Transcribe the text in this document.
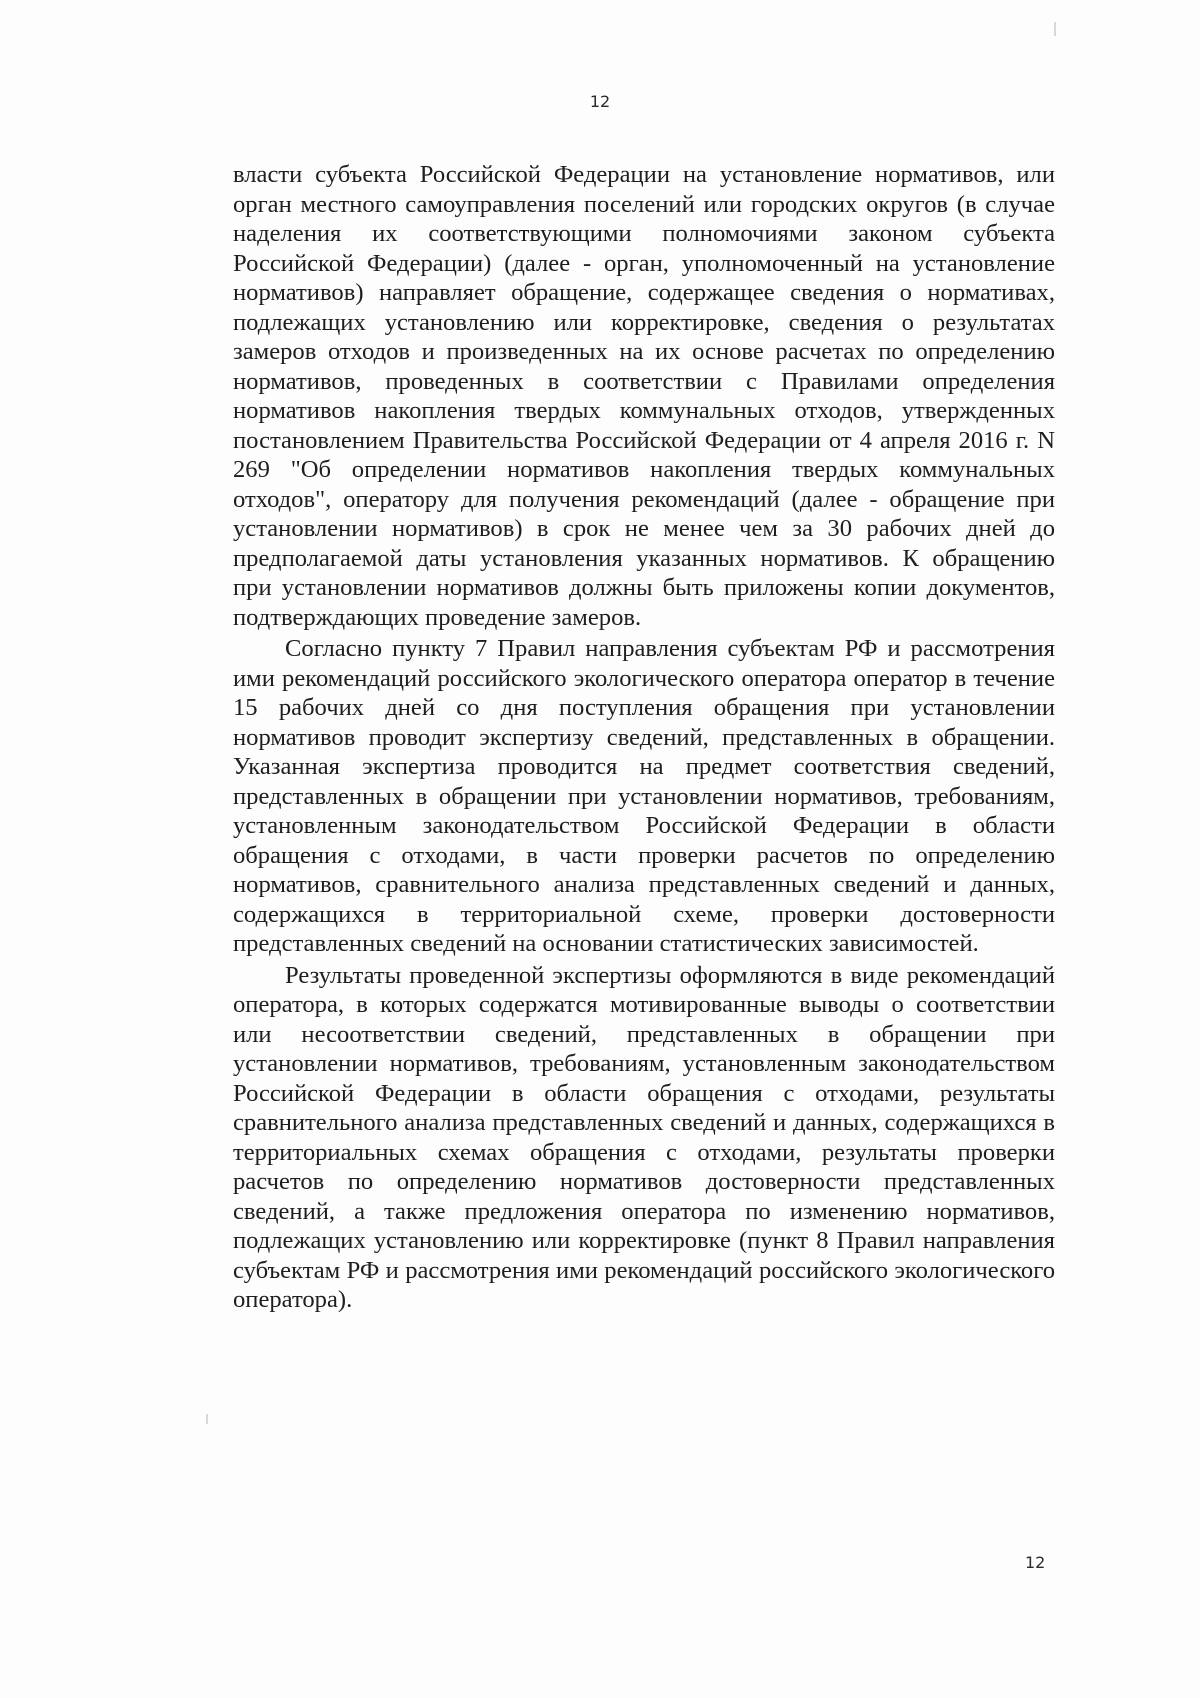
12

власти субъекта Российской Федерации на установление нормативов, или орган местного самоуправления поселений или городских округов (в случае наделения их соответствующими полномочиями законом субъекта Российской Федерации) (далее - орган, уполномоченный на установление нормативов) направляет обращение, содержащее сведения о нормативах, подлежащих установлению или корректировке, сведения о результатах замеров отходов и произведенных на их основе расчетах по определению нормативов, проведенных в соответствии с Правилами определения нормативов накопления твердых коммунальных отходов, утвержденных постановлением Правительства Российской Федерации от 4 апреля 2016 г. N 269 "Об определении нормативов накопления твердых коммунальных отходов", оператору для получения рекомендаций (далее - обращение при установлении нормативов) в срок не менее чем за 30 рабочих дней до предполагаемой даты установления указанных нормативов. К обращению при установлении нормативов должны быть приложены копии документов, подтверждающих проведение замеров.

Согласно пункту 7 Правил направления субъектам РФ и рассмотрения ими рекомендаций российского экологического оператора оператор в течение 15 рабочих дней со дня поступления обращения при установлении нормативов проводит экспертизу сведений, представленных в обращении. Указанная экспертиза проводится на предмет соответствия сведений, представленных в обращении при установлении нормативов, требованиям, установленным законодательством Российской Федерации в области обращения с отходами, в части проверки расчетов по определению нормативов, сравнительного анализа представленных сведений и данных, содержащихся в территориальной схеме, проверки достоверности представленных сведений на основании статистических зависимостей.

Результаты проведенной экспертизы оформляются в виде рекомендаций оператора, в которых содержатся мотивированные выводы о соответствии или несоответствии сведений, представленных в обращении при установлении нормативов, требованиям, установленным законодательством Российской Федерации в области обращения с отходами, результаты сравнительного анализа представленных сведений и данных, содержащихся в территориальных схемах обращения с отходами, результаты проверки расчетов по определению нормативов достоверности представленных сведений, а также предложения оператора по изменению нормативов, подлежащих установлению или корректировке (пункт 8 Правил направления субъектам РФ и рассмотрения ими рекомендаций российского экологического оператора).

12
